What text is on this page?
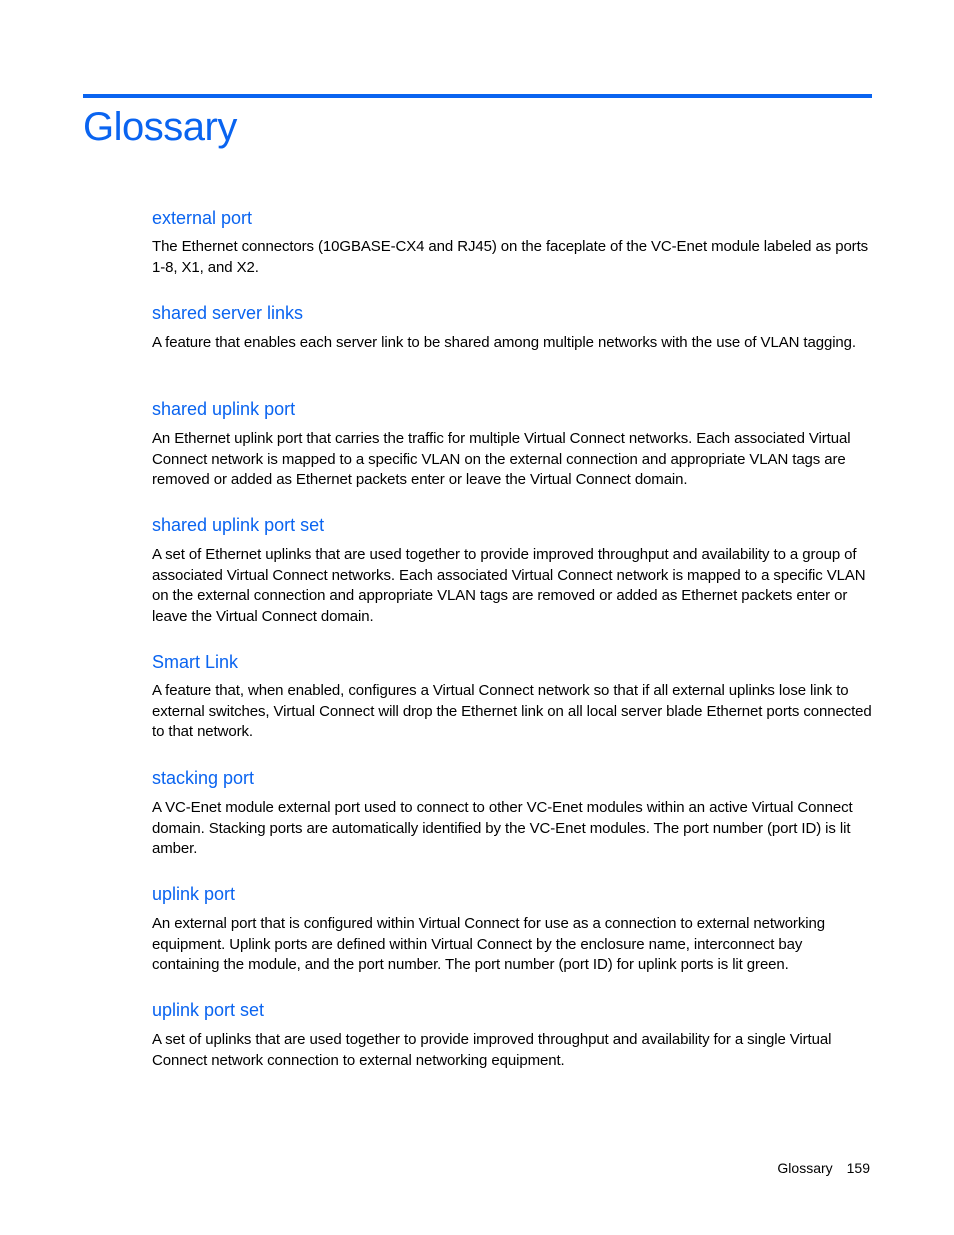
Glossary
external port

The Ethernet connectors (10GBASE-CX4 and RJ45) on the faceplate of the VC-Enet module labeled as ports 1-8, X1, and X2.

shared server links

A feature that enables each server link to be shared among multiple networks with the use of VLAN tagging.

shared uplink port

An Ethernet uplink port that carries the traffic for multiple Virtual Connect networks. Each associated Virtual Connect network is mapped to a specific VLAN on the external connection and appropriate VLAN tags are removed or added as Ethernet packets enter or leave the Virtual Connect domain.

shared uplink port set

A set of Ethernet uplinks that are used together to provide improved throughput and availability to a group of associated Virtual Connect networks. Each associated Virtual Connect network is mapped to a specific VLAN on the external connection and appropriate VLAN tags are removed or added as Ethernet packets enter or leave the Virtual Connect domain.

Smart Link

A feature that, when enabled, configures a Virtual Connect network so that if all external uplinks lose link to external switches, Virtual Connect will drop the Ethernet link on all local server blade Ethernet ports connected to that network.

stacking port

A VC-Enet module external port used to connect to other VC-Enet modules within an active Virtual Connect domain. Stacking ports are automatically identified by the VC-Enet modules. The port number (port ID) is lit amber.

uplink port

An external port that is configured within Virtual Connect for use as a connection to external networking equipment. Uplink ports are defined within Virtual Connect by the enclosure name, interconnect bay containing the module, and the port number. The port number (port ID) for uplink ports is lit green.

uplink port set

A set of uplinks that are used together to provide improved throughput and availability for a single Virtual Connect network connection to external networking equipment.

Glossary 159
